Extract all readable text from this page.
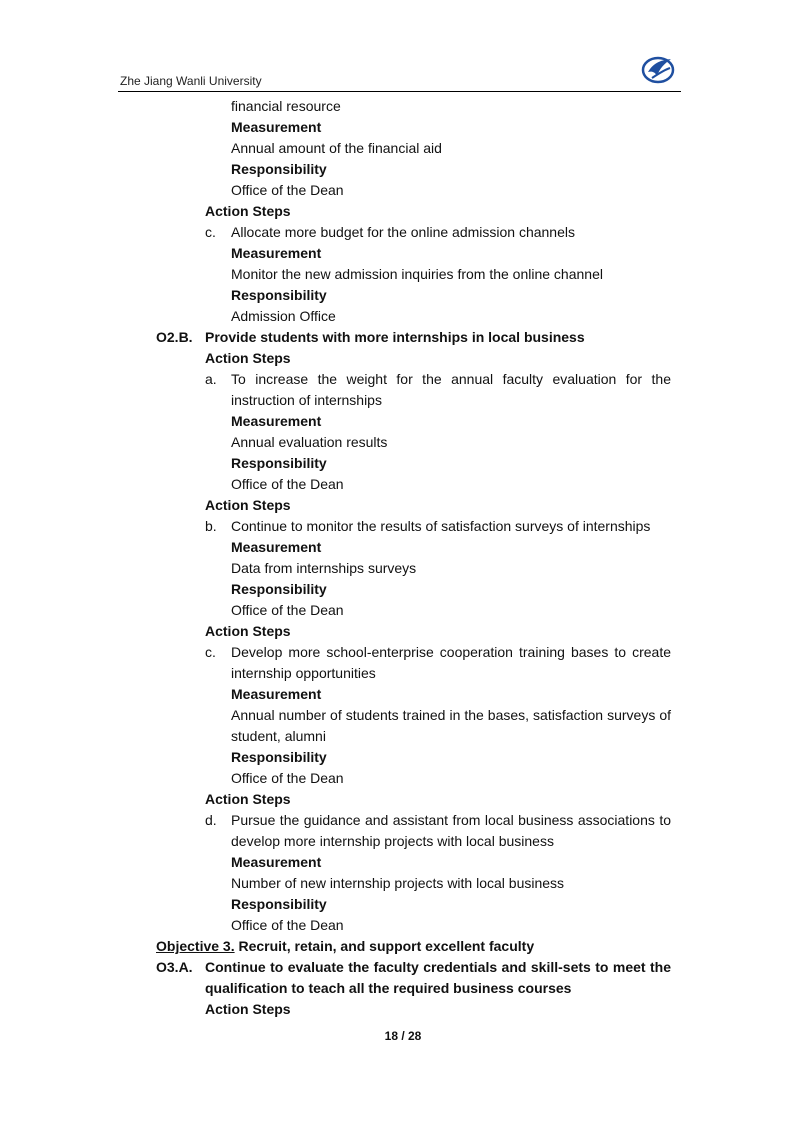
Zhe Jiang Wanli University
financial resource
Measurement
Annual amount of the financial aid
Responsibility
Office of the Dean
Action Steps
c. Allocate more budget for the online admission channels
Measurement
Monitor the new admission inquiries from the online channel
Responsibility
Admission Office
O2.B. Provide students with more internships in local business
Action Steps
a. To increase the weight for the annual faculty evaluation for the instruction of internships
Measurement
Annual evaluation results
Responsibility
Office of the Dean
Action Steps
b. Continue to monitor the results of satisfaction surveys of internships
Measurement
Data from internships surveys
Responsibility
Office of the Dean
Action Steps
c. Develop more school-enterprise cooperation training bases to create internship opportunities
Measurement
Annual number of students trained in the bases, satisfaction surveys of student, alumni
Responsibility
Office of the Dean
Action Steps
d. Pursue the guidance and assistant from local business associations to develop more internship projects with local business
Measurement
Number of new internship projects with local business
Responsibility
Office of the Dean
Objective 3. Recruit, retain, and support excellent faculty
O3.A. Continue to evaluate the faculty credentials and skill-sets to meet the qualification to teach all the required business courses
Action Steps
18 / 28
